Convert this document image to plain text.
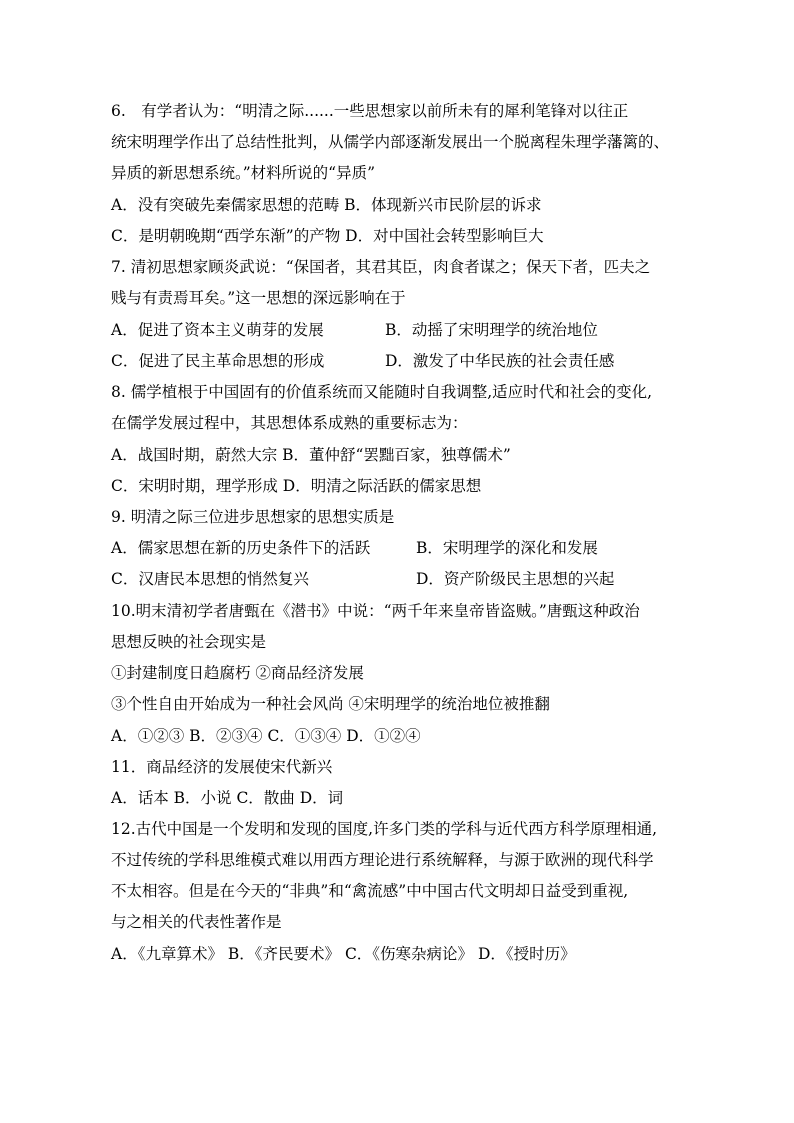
6.　有学者认为：“明清之际......一些思想家以前所未有的犀利笔锋对以往正
统宋明理学作出了总结性批判，从儒学内部逐渐发展出一个脱离程朱理学藩篱的、
异质的新思想系统。”材料所说的“异质”
A．没有突破先秦儒家思想的范畴 B．体现新兴市民阶层的诉求
C．是明朝晚期“西学东渐”的产物 D．对中国社会转型影响巨大
7. 清初思想家顾炎武说：“保国者，其君其臣，肉食者谋之；保天下者，匹夫之
贱与有责焉耳矣。”这一思想的深远影响在于
A．促进了资本主义萌芽的发展	B．动摇了宋明理学的统治地位
C．促进了民主革命思想的形成	D．激发了中华民族的社会责任感
8. 儒学植根于中国固有的价值系统而又能随时自我调整,适应时代和社会的变化,
在儒学发展过程中，其思想体系成熟的重要标志为：
A．战国时期，蔚然大宗 B．董仲舒“罢黜百家，独尊儒术”
C．宋明时期，理学形成 D．明清之际活跃的儒家思想
9. 明清之际三位进步思想家的思想实质是
A．儒家思想在新的历史条件下的活跃	B．宋明理学的深化和发展
C．汉唐民本思想的悄然复兴	D．资产阶级民主思想的兴起
10.明末清初学者唐甄在《潜书》中说：“两千年来皇帝皆盗贼。”唐甄这种政治
思想反映的社会现实是
①封建制度日趋腐朽 ②商品经济发展
③个性自由开始成为一种社会风尚 ④宋明理学的统治地位被推翻
A．①②③ B．②③④ C．①③④ D．①②④
11．商品经济的发展使宋代新兴
A．话本 B．小说 C．散曲 D．词
12.古代中国是一个发明和发现的国度,许多门类的学科与近代西方科学原理相通,
不过传统的学科思维模式难以用西方理论进行系统解释，与源于欧洲的现代科学
不太相容。但是在今天的“非典”和“禽流感”中中国古代文明却日益受到重视,
与之相关的代表性著作是
A．《九章算术》 B．《齐民要术》 C．《伤寒杂病论》 D．《授时历》
